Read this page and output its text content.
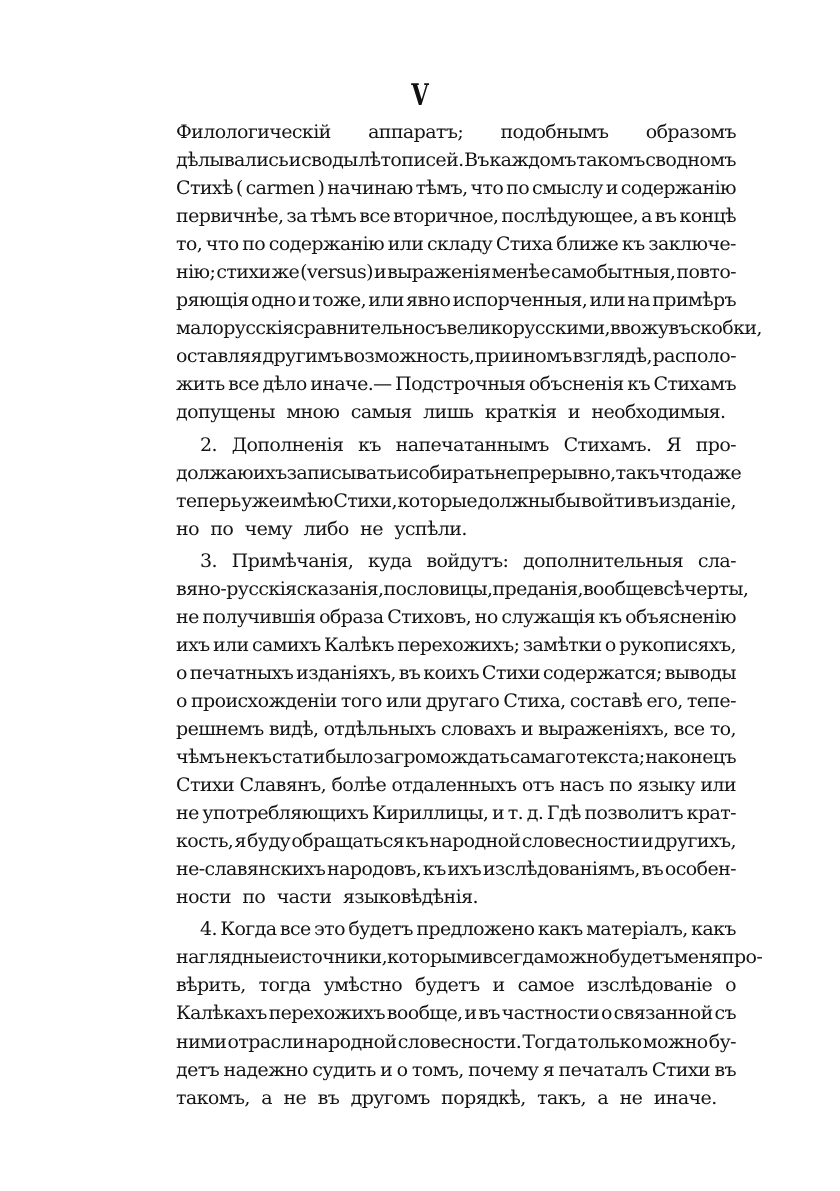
V
Филологическій аппаратъ; подобнымъ образомъ
дѣлывались и своды лѣтописей. Въ каждомъ такомъ сводномъ
Стихѣ ( carmen ) начинаю тѣмъ, что по смыслу и содержанію
первичнѣе, за тѣмъ все вторичное, послѣдующее, а въ концѣ
то, что по содержанію или складу Стиха ближе къ заключе-
нію; стихи же (versus) и выраженія менѣе самобытныя, повто-
ряющія одно и тоже, или явно испорченныя, или на примѣръ
малорусскія сравнительно съ великорусскими, ввожу въ скобки,
оставляя другимъ возможность, при иномъ взглядѣ, располо-
жить все дѣло иначе.— Подстрочныя объсненія къ Стихамъ
допущены мною самыя лишь краткія и необходимыя.
2. Дополненія къ напечатаннымъ Стихамъ. Я про-
должаю ихъ записывать и собирать непрерывно, такъ что даже
теперь уже имѣю Стихи, которые должны бы войти въ изданіе,
но по чему либо не успѣли.
3. Примѣчанія, куда войдутъ: дополнительныя сла-
вяно-русскія сказанія, пословицы, преданія, вообще всѣ черты,
не получившія образа Стиховъ, но служащія къ объясненію
ихъ или самихъ Калѣкъ перехожихъ; замѣтки о рукописяхъ,
о печатныхъ изданіяхъ, въ коихъ Стихи содержатся; выводы
о происхожденіи того или другаго Стиха, составѣ его, тепе-
решнемъ видѣ, отдѣльныхъ словахъ и выраженіяхъ, все то,
чѣмъ не къ стати было загромождать самаго текста; наконецъ
Стихи Славянъ, болѣе отдаленныхъ отъ насъ по языку или
не употребляющихъ Кириллицы, и т. д. Гдѣ позволитъ крат-
кость, я буду обращаться къ народной словесности и другихъ,
не-славянскихъ народовъ, къ ихъ изслѣдованіямъ, въ особен-
ности по части языковѣдѣнія.
4. Когда все это будетъ предложено какъ матеріалъ, какъ
наглядные источники, которыми всегда можно будетъ меня про-
вѣрить, тогда умѣстно будетъ и самое изслѣдованіе о
Калѣкахъ перехожихъ вообще, и въ частности о связанной съ
ними отрасли народной словесности. Тогда только можно бу-
детъ надежно судить и о томъ, почему я печаталъ Стихи въ
такомъ, а не въ другомъ порядкѣ, такъ, а не иначе.
